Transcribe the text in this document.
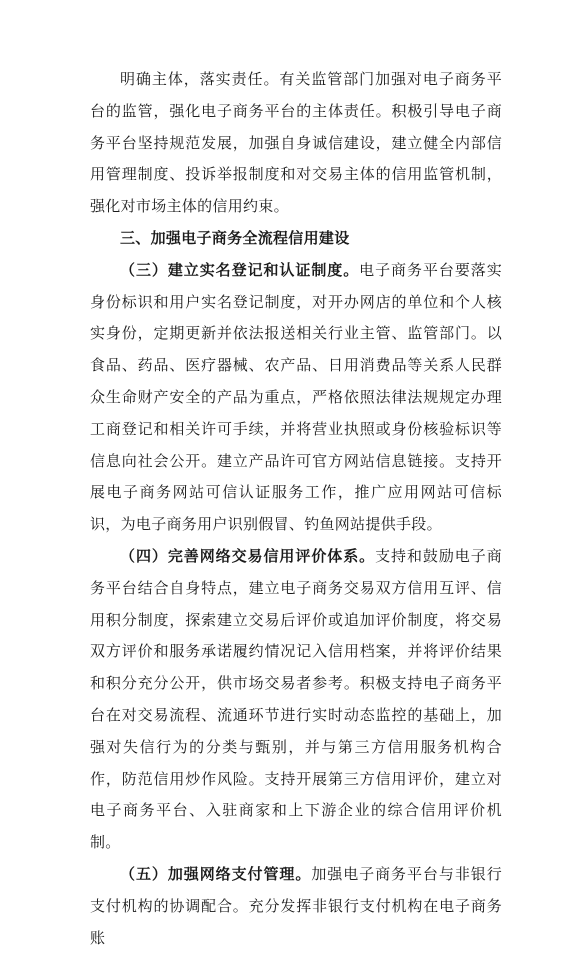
明确主体，落实责任。有关监管部门加强对电子商务平台的监管，强化电子商务平台的主体责任。积极引导电子商务平台坚持规范发展，加强自身诚信建设，建立健全内部信用管理制度、投诉举报制度和对交易主体的信用监管机制，强化对市场主体的信用约束。

三、加强电子商务全流程信用建设

（三）建立实名登记和认证制度。电子商务平台要落实身份标识和用户实名登记制度，对开办网店的单位和个人核实身份，定期更新并依法报送相关行业主管、监管部门。以食品、药品、医疗器械、农产品、日用消费品等关系人民群众生命财产安全的产品为重点，严格依照法律法规规定办理工商登记和相关许可手续，并将营业执照或身份核验标识等信息向社会公开。建立产品许可官方网站信息链接。支持开展电子商务网站可信认证服务工作，推广应用网站可信标识，为电子商务用户识别假冒、钓鱼网站提供手段。

（四）完善网络交易信用评价体系。支持和鼓励电子商务平台结合自身特点，建立电子商务交易双方信用互评、信用积分制度，探索建立交易后评价或追加评价制度，将交易双方评价和服务承诺履约情况记入信用档案，并将评价结果和积分充分公开，供市场交易者参考。积极支持电子商务平台在对交易流程、流通环节进行实时动态监控的基础上，加强对失信行为的分类与甄别，并与第三方信用服务机构合作，防范信用炒作风险。支持开展第三方信用评价，建立对电子商务平台、入驻商家和上下游企业的综合信用评价机制。

（五）加强网络支付管理。加强电子商务平台与非银行支付机构的协调配合。充分发挥非银行支付机构在电子商务账
